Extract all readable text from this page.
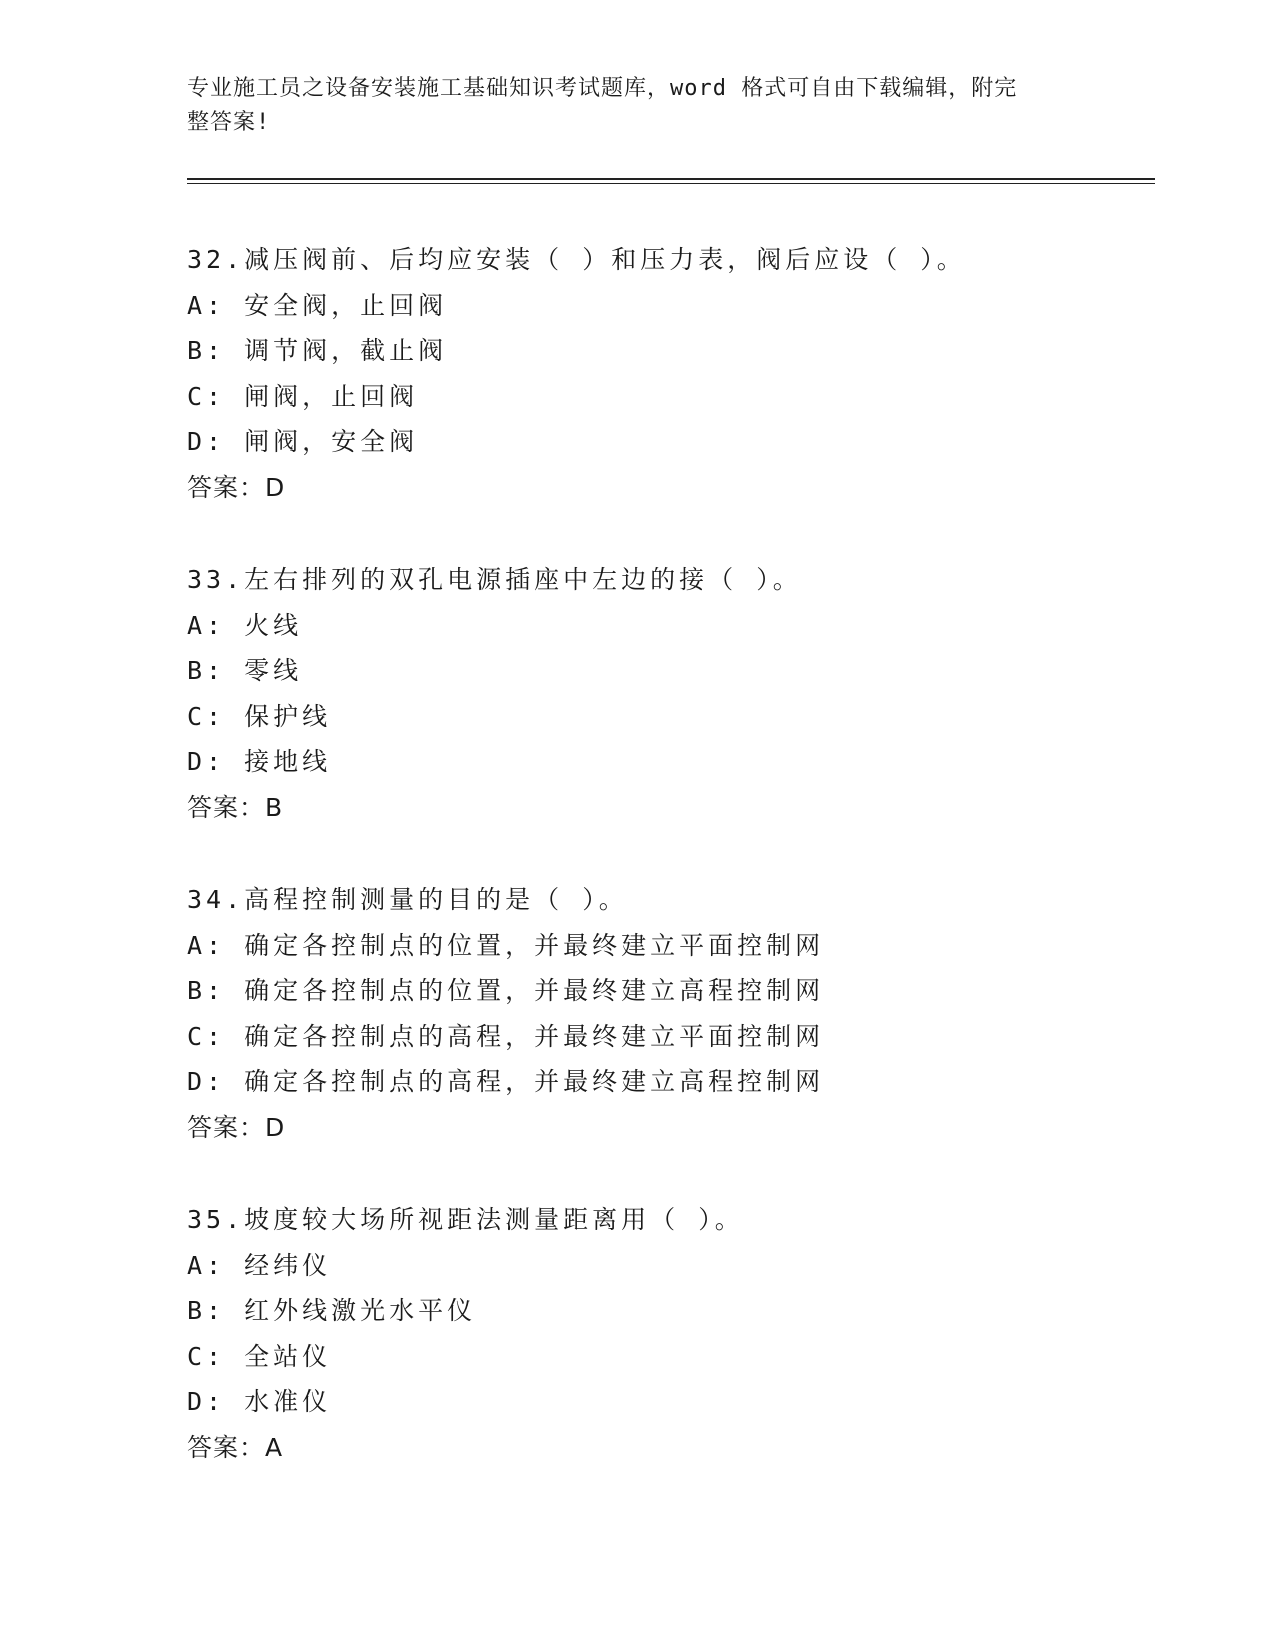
专业施工员之设备安装施工基础知识考试题库，word 格式可自由下载编辑，附完
整答案!
32.减压阀前、后均应安装（ ）和压力表，阀后应设（ ）。
A: 安全阀，止回阀
B: 调节阀，截止阀
C: 闸阀，止回阀
D: 闸阀，安全阀
答案：D
33.左右排列的双孔电源插座中左边的接（ ）。
A: 火线
B: 零线
C: 保护线
D: 接地线
答案：B
34.高程控制测量的目的是（ ）。
A: 确定各控制点的位置，并最终建立平面控制网
B: 确定各控制点的位置，并最终建立高程控制网
C: 确定各控制点的高程，并最终建立平面控制网
D: 确定各控制点的高程，并最终建立高程控制网
答案：D
35.坡度较大场所视距法测量距离用（ ）。
A: 经纬仪
B: 红外线激光水平仪
C: 全站仪
D: 水准仪
答案：A
